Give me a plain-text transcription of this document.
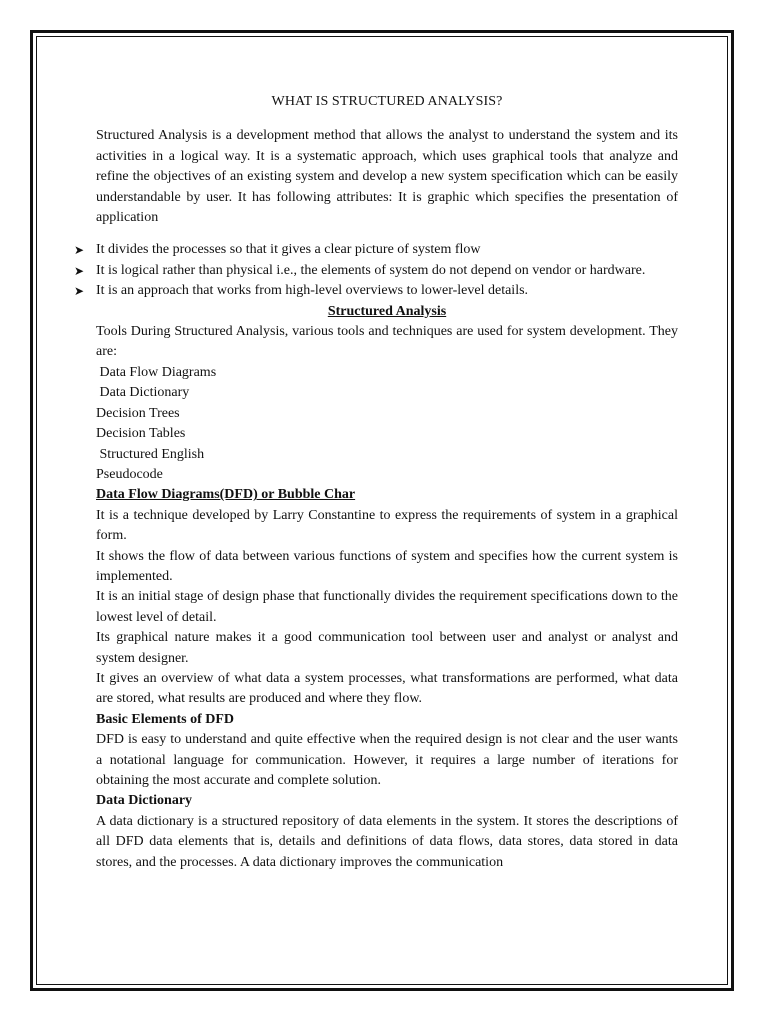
WHAT IS STRUCTURED ANALYSIS?

Structured Analysis is a development method that allows the analyst to understand the system and its activities in a logical way. It is a systematic approach, which uses graphical tools that analyze and refine the objectives of an existing system and develop a new system specification which can be easily understandable by user. It has following attributes: It is graphic which specifies the presentation of application

➤ It divides the processes so that it gives a clear picture of system flow
➤ It is logical rather than physical i.e., the elements of system do not depend on vendor or hardware.
➤ It is an approach that works from high-level overviews to lower-level details.
Structured Analysis

Tools During Structured Analysis, various tools and techniques are used for system development. They are:

Data Flow Diagrams

Data Dictionary

Decision Trees

Decision Tables

Structured English

Pseudocode

Data Flow Diagrams(DFD) or Bubble Char

It is a technique developed by Larry Constantine to express the requirements of system in a graphical form.

It shows the flow of data between various functions of system and specifies how the current system is implemented.

It is an initial stage of design phase that functionally divides the requirement specifications down to the lowest level of detail.

Its graphical nature makes it a good communication tool between user and analyst or analyst and system designer.

It gives an overview of what data a system processes, what transformations are performed, what data are stored, what results are produced and where they flow.

Basic Elements of DFD

DFD is easy to understand and quite effective when the required design is not clear and the user wants a notational language for communication. However, it requires a large number of iterations for obtaining the most accurate and complete solution.

Data Dictionary

A data dictionary is a structured repository of data elements in the system. It stores the descriptions of all DFD data elements that is, details and definitions of data flows, data stores, data stored in data stores, and the processes. A data dictionary improves the communication
